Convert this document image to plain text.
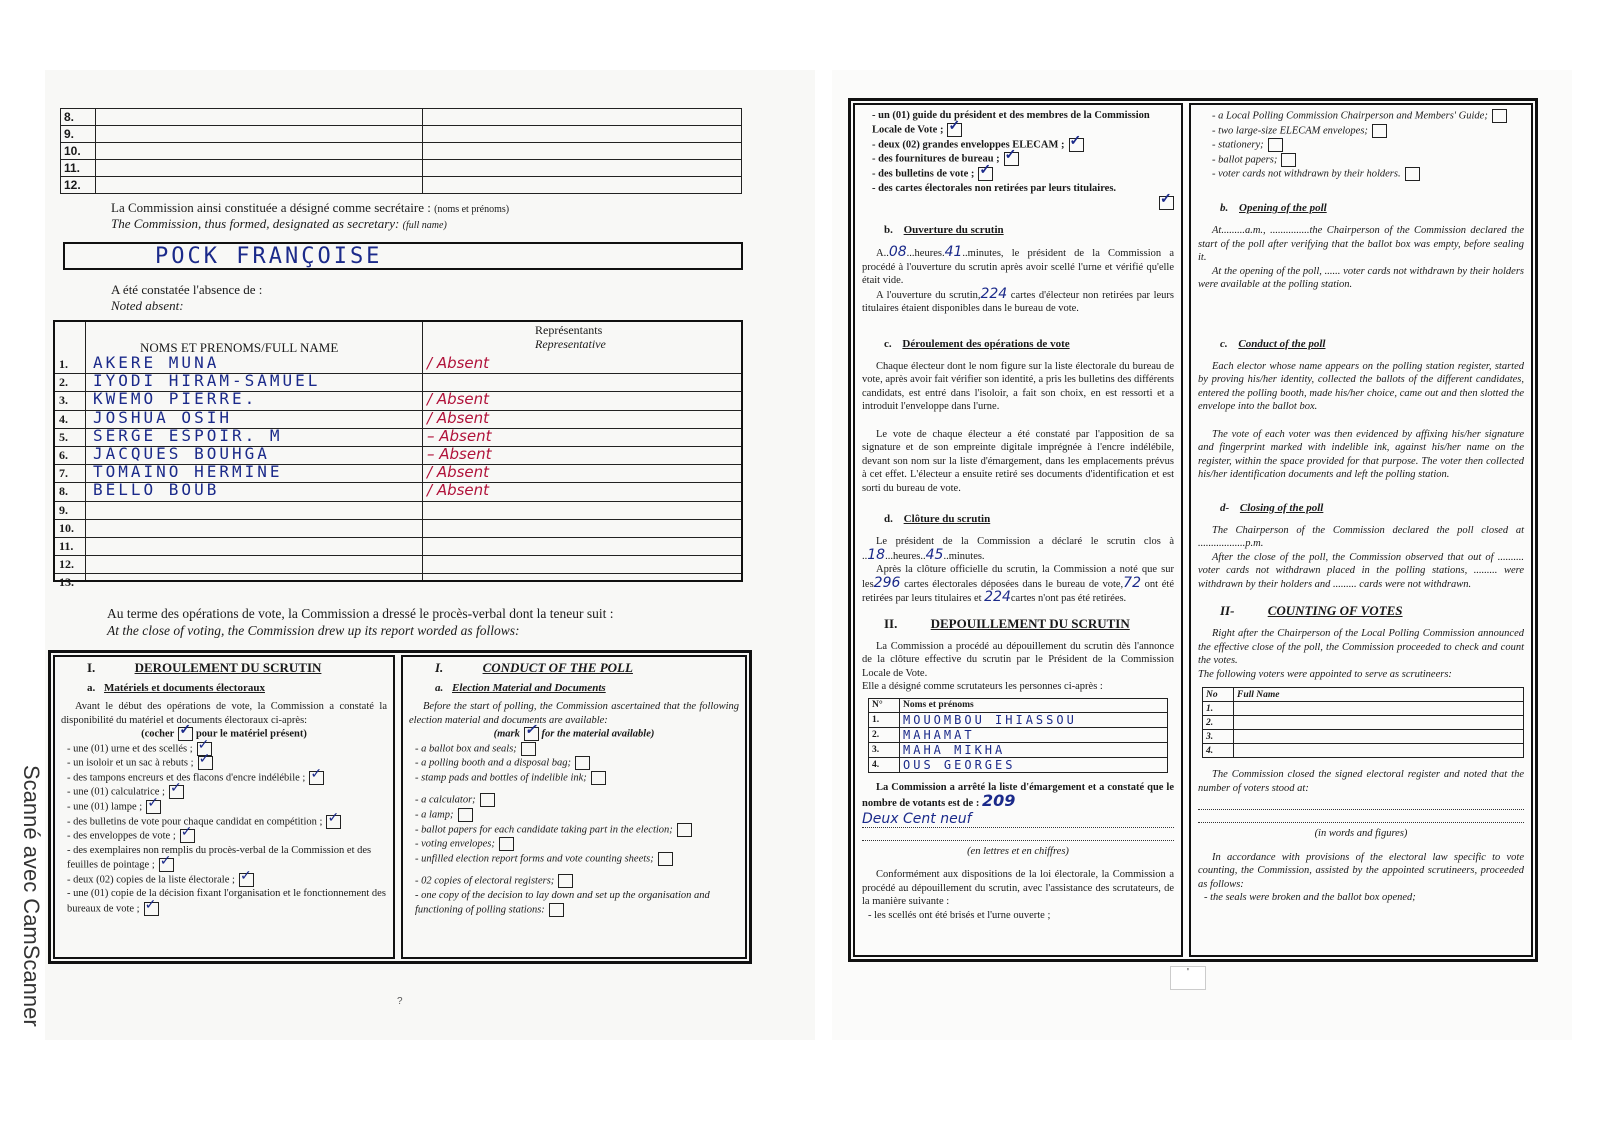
Scanné avec CamScanner
8.		
9.		
10.		
11.		
12.		
La Commission ainsi constituée a désigné comme secrétaire : (noms et prénoms)
The Commission, thus formed, designated as secretary: (full name)
POCK FRANÇOISE
A été constatée l'absence de :
Noted absent:
NOMS ET PRENOMS/FULL NAME
Représentants
Representative
1. AKERE MUNA	/ Absent
2. IYODI HIRAM-SAMUEL
3. KWEMO PIERRE.	/ Absent
4. JOSHUA OSIH	/ Absent
5. SERGE ESPOIR. M	– Absent
6. JACQUES BOUHGA	– Absent
7. TOMAINO HERMINE	/ Absent
8. BELLO BOUB	/ Absent
9.
10.
11.
12.
13.
Au terme des opérations de vote, la Commission a dressé le procès-verbal dont la teneur suit :
At the close of voting, the Commission drew up its report worded as follows:
I.	DEROULEMENT DU SCRUTIN
a. Matériels et documents électoraux
Avant le début des opérations de vote, la Commission a constaté la disponibilité du matériel et documents électoraux ci-après:
(cocher ✓ pour le matériel présent)
- une (01) urne et des scellés ;✓
- un isoloir et un sac à rebuts ;✓
- des tampons encreurs et des flacons d'encre indélébile ;✓
- une (01) calculatrice ;✓
- une (01) lampe ;✓
- des bulletins de vote pour chaque candidat en compétition ;✓
- des enveloppes de vote ;✓
- des exemplaires non remplis du procès-verbal de la Commission et des feuilles de pointage ;✓
- deux (02) copies de la liste électorale ;✓
- une (01) copie de la décision fixant l'organisation et le fonctionnement des bureaux de vote ;✓
I.	CONDUCT OF THE POLL
a. Election Material and Documents
Before the start of polling, the Commission ascertained that the following election material and documents are available:
(mark ✓ for the material available)
- a ballot box and seals;
- a polling booth and a disposal bag;
- stamp pads and bottles of indelible ink;
- a calculator;
- a lamp;
- ballot papers for each candidate taking part in the election;
- voting envelopes;
- unfilled election report forms and vote counting sheets;
- 02 copies of electoral registers;
- one copy of the decision to lay down and set up the organisation and functioning of polling stations:
?
- un (01) guide du président et des membres de la Commission Locale de Vote ;✓
- deux (02) grandes enveloppes ELECAM ;✓
- des fournitures de bureau ;✓
- des bulletins de vote ;✓
- des cartes électorales non retirées par leurs titulaires.
✓
b. Ouverture du scrutin
A..08...heures.41..minutes, le président de la Commission a procédé à l'ouverture du scrutin après avoir scellé l'urne et vérifié qu'elle était vide.
A l'ouverture du scrutin,224 cartes d'électeur non retirées par leurs titulaires étaient disponibles dans le bureau de vote.
c. Déroulement des opérations de vote
Chaque électeur dont le nom figure sur la liste électorale du bureau de vote, après avoir fait vérifier son identité, a pris les bulletins des différents candidats, est entré dans l'isoloir, a fait son choix, en est ressorti et a introduit l'enveloppe dans l'urne.
Le vote de chaque électeur a été constaté par l'apposition de sa signature et de son empreinte digitale imprégnée à l'encre indélébile, devant son nom sur la liste d'émargement, dans les emplacements prévus à cet effet. L'électeur a ensuite retiré ses documents d'identification et est sorti du bureau de vote.
d. Clôture du scrutin
Le président de la Commission a déclaré le scrutin clos à ..18...heures..45..minutes.
Après la clôture officielle du scrutin, la Commission a noté que sur les296 cartes électorales déposées dans le bureau de vote,72 ont été retirées par leurs titulaires et 224cartes n'ont pas été retirées.
II.	DEPOUILLEMENT DU SCRUTIN
La Commission a procédé au dépouillement du scrutin dès l'annonce de la clôture effective du scrutin par le Président de la Commission Locale de Vote.
Elle a désigné comme scrutateurs les personnes ci-après :
N°	Noms et prénoms
1.	MOUOMBOU IHIASSOU
2.	MAHAMAT
3.	MAHA MIKHA
4.	OUS GEORGES
La Commission a arrêté la liste d'émargement et a constaté que le nombre de votants est de : 209
Deux Cent neuf
(en lettres et en chiffres)
Conformément aux dispositions de la loi électorale, la Commission a procédé au dépouillement du scrutin, avec l'assistance des scrutateurs, de la manière suivante :
- les scellés ont été brisés et l'urne ouverte ;
- a Local Polling Commission Chairperson and Members' Guide;
- two large-size ELECAM envelopes;
- stationery;
- ballot papers;
- voter cards not withdrawn by their holders.
b. Opening of the poll
At.........a.m., ...............the Chairperson of the Commission declared the start of the poll after verifying that the ballot box was empty, before sealing it.
At the opening of the poll, ...... voter cards not withdrawn by their holders were available at the polling station.
c. Conduct of the poll
Each elector whose name appears on the polling station register, started by proving his/her identity, collected the ballots of the different candidates, entered the polling booth, made his/her choice, came out and then slotted the envelope into the ballot box.
The vote of each voter was then evidenced by affixing his/her signature and fingerprint marked with indelible ink, against his/her name on the register, within the space provided for that purpose. The voter then collected his/her identification documents and left the polling station.
d- Closing of the poll
The Chairperson of the Commission declared the poll closed at ..................p.m.
After the close of the poll, the Commission observed that out of .......... voter cards not withdrawn placed in the polling stations, ......... were withdrawn by their holders and ......... cards were not withdrawn.
II-	COUNTING OF VOTES
Right after the Chairperson of the Local Polling Commission announced the effective close of the poll, the Commission proceeded to check and count the votes.
The following voters were appointed to serve as scrutineers:
No	Full Name
1.	
2.	
3.	
4.	
The Commission closed the signed electoral register and noted that the number of voters stood at:
(in words and figures)
In accordance with provisions of the electoral law specific to vote counting, the Commission, assisted by the appointed scrutineers, proceeded as follows:
- the seals were broken and the ballot box opened;
'
